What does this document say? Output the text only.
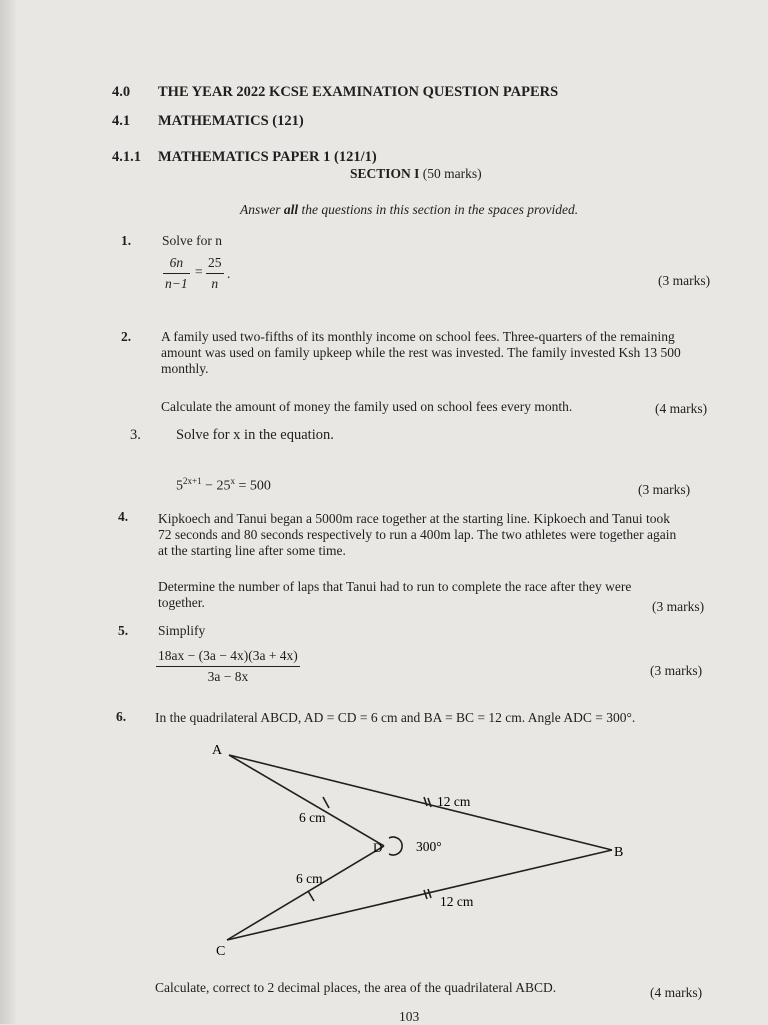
4.0 THE YEAR 2022 KCSE EXAMINATION QUESTION PAPERS
4.1 MATHEMATICS (121)
4.1.1 MATHEMATICS PAPER 1 (121/1)
SECTION I (50 marks)
Answer all the questions in this section in the spaces provided.
1. Solve for n
6n
n−1
=
25
n
.	(3 marks)
2. A family used two-fifths of its monthly income on school fees. Three-quarters of the remaining
amount was used on family upkeep while the rest was invested. The family invested Ksh 13 500
monthly.
Calculate the amount of money the family used on school fees every month.	(4 marks)
3. Solve for x in the equation.
$5^{2x+1} - 25^x = 500$	(3 marks)
4. Kipkoech and Tanui began a 5000m race together at the starting line. Kipkoech and Tanui took
72 seconds and 80 seconds respectively to run a 400m lap. The two athletes were together again
at the starting line after some time.
Determine the number of laps that Tanui had to run to complete the race after they were
together.	(3 marks)
5. Simplify
18ax − (3a − 4x)(3a + 4x)
3a − 8x	(3 marks)
6. In the quadrilateral ABCD, AD = CD = 6 cm and BA = BC = 12 cm. Angle ADC = 300°.
A
B
C
D
6 cm
6 cm
12 cm
12 cm
300°
Calculate, correct to 2 decimal places, the area of the quadrilateral ABCD.	(4 marks)
103
